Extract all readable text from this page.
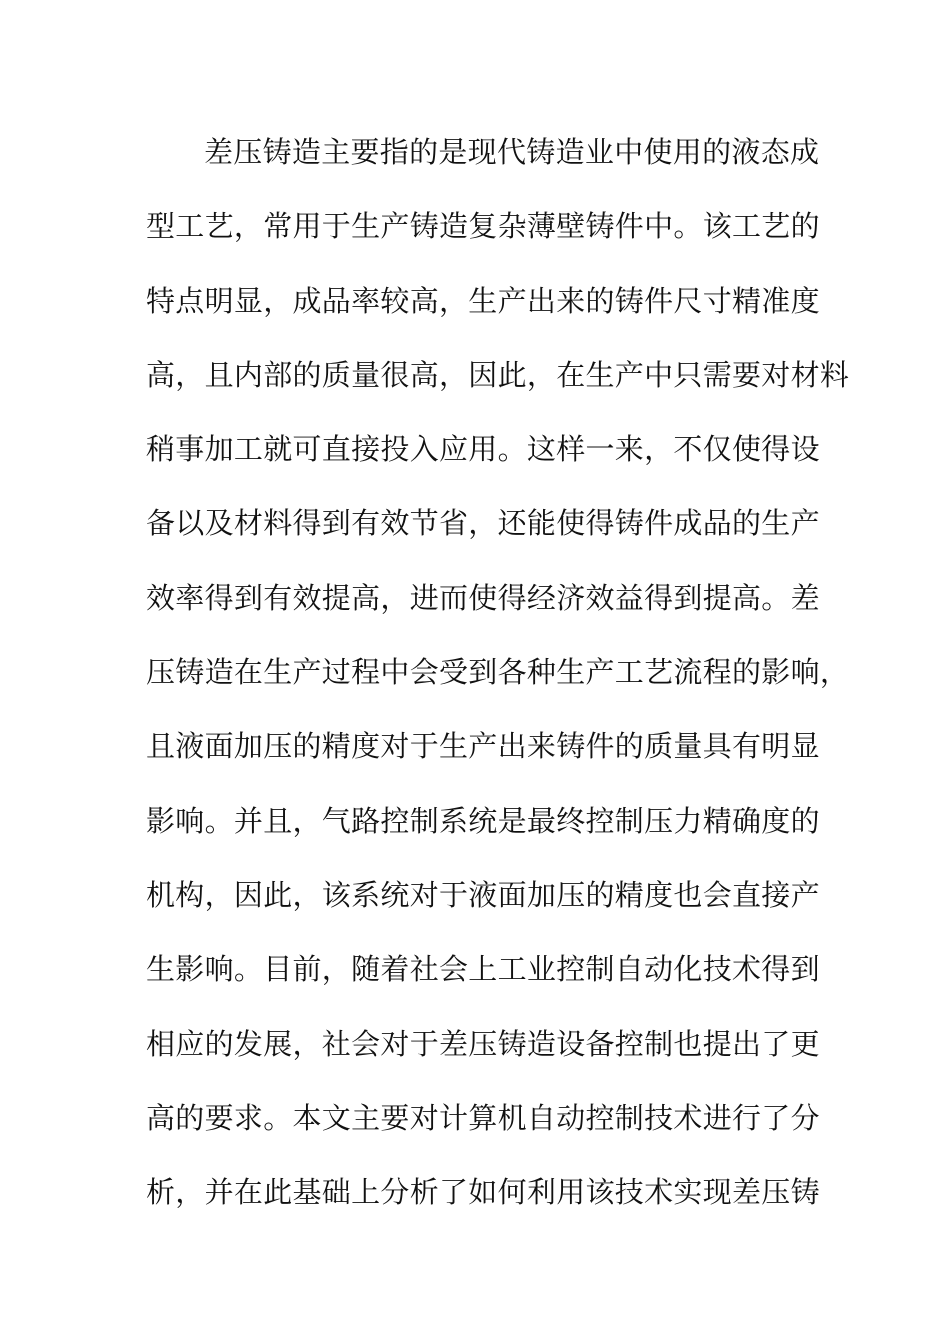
差压铸造主要指的是现代铸造业中使用的液态成
型工艺，常用于生产铸造复杂薄壁铸件中。该工艺的
特点明显，成品率较高，生产出来的铸件尺寸精准度
高，且内部的质量很高，因此，在生产中只需要对材料
稍事加工就可直接投入应用。这样一来，不仅使得设
备以及材料得到有效节省，还能使得铸件成品的生产
效率得到有效提高，进而使得经济效益得到提高。差
压铸造在生产过程中会受到各种生产工艺流程的影响，
且液面加压的精度对于生产出来铸件的质量具有明显
影响。并且，气路控制系统是最终控制压力精确度的
机构，因此，该系统对于液面加压的精度也会直接产
生影响。目前，随着社会上工业控制自动化技术得到
相应的发展，社会对于差压铸造设备控制也提出了更
高的要求。本文主要对计算机自动控制技术进行了分
析，并在此基础上分析了如何利用该技术实现差压铸
